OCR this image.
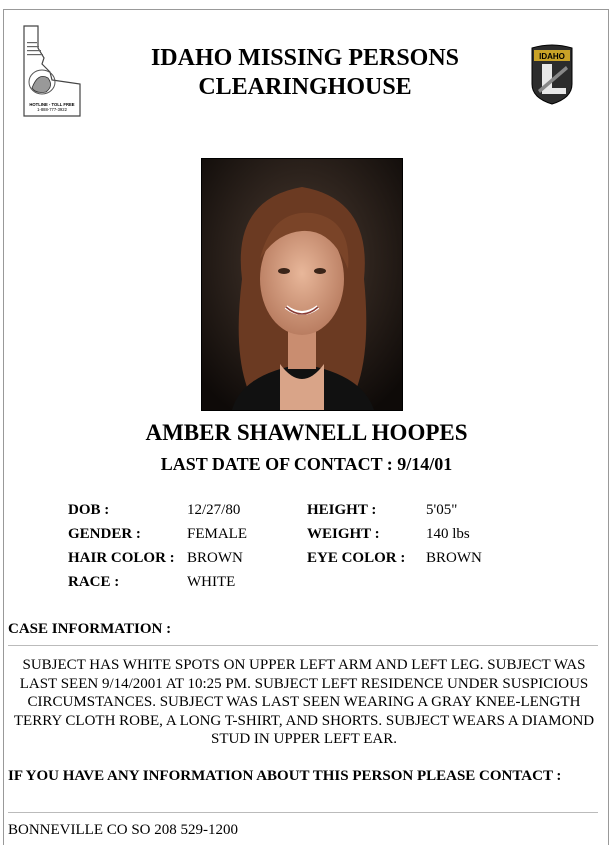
HOTLINE - TOLL FREE
1-888-777-3922
IDAHO MISSING PERSONS
CLEARINGHOUSE
IDAHO
AMBER SHAWNELL HOOPES
LAST DATE OF CONTACT : 9/14/01
DOB :	12/27/80	HEIGHT :	5'05"
GENDER :	FEMALE	WEIGHT :	140 lbs
HAIR COLOR : BROWN	EYE COLOR : BROWN
RACE :	WHITE
CASE INFORMATION :
SUBJECT HAS WHITE SPOTS ON UPPER LEFT ARM AND LEFT LEG. SUBJECT WAS LAST SEEN 9/14/2001 AT 10:25 PM. SUBJECT LEFT RESIDENCE UNDER SUSPICIOUS CIRCUMSTANCES. SUBJECT WAS LAST SEEN WEARING A GRAY KNEE-LENGTH TERRY CLOTH ROBE, A LONG T-SHIRT, AND SHORTS. SUBJECT WEARS A DIAMOND STUD IN UPPER LEFT EAR.
IF YOU HAVE ANY INFORMATION ABOUT THIS PERSON PLEASE CONTACT :
BONNEVILLE CO SO 208 529-1200
